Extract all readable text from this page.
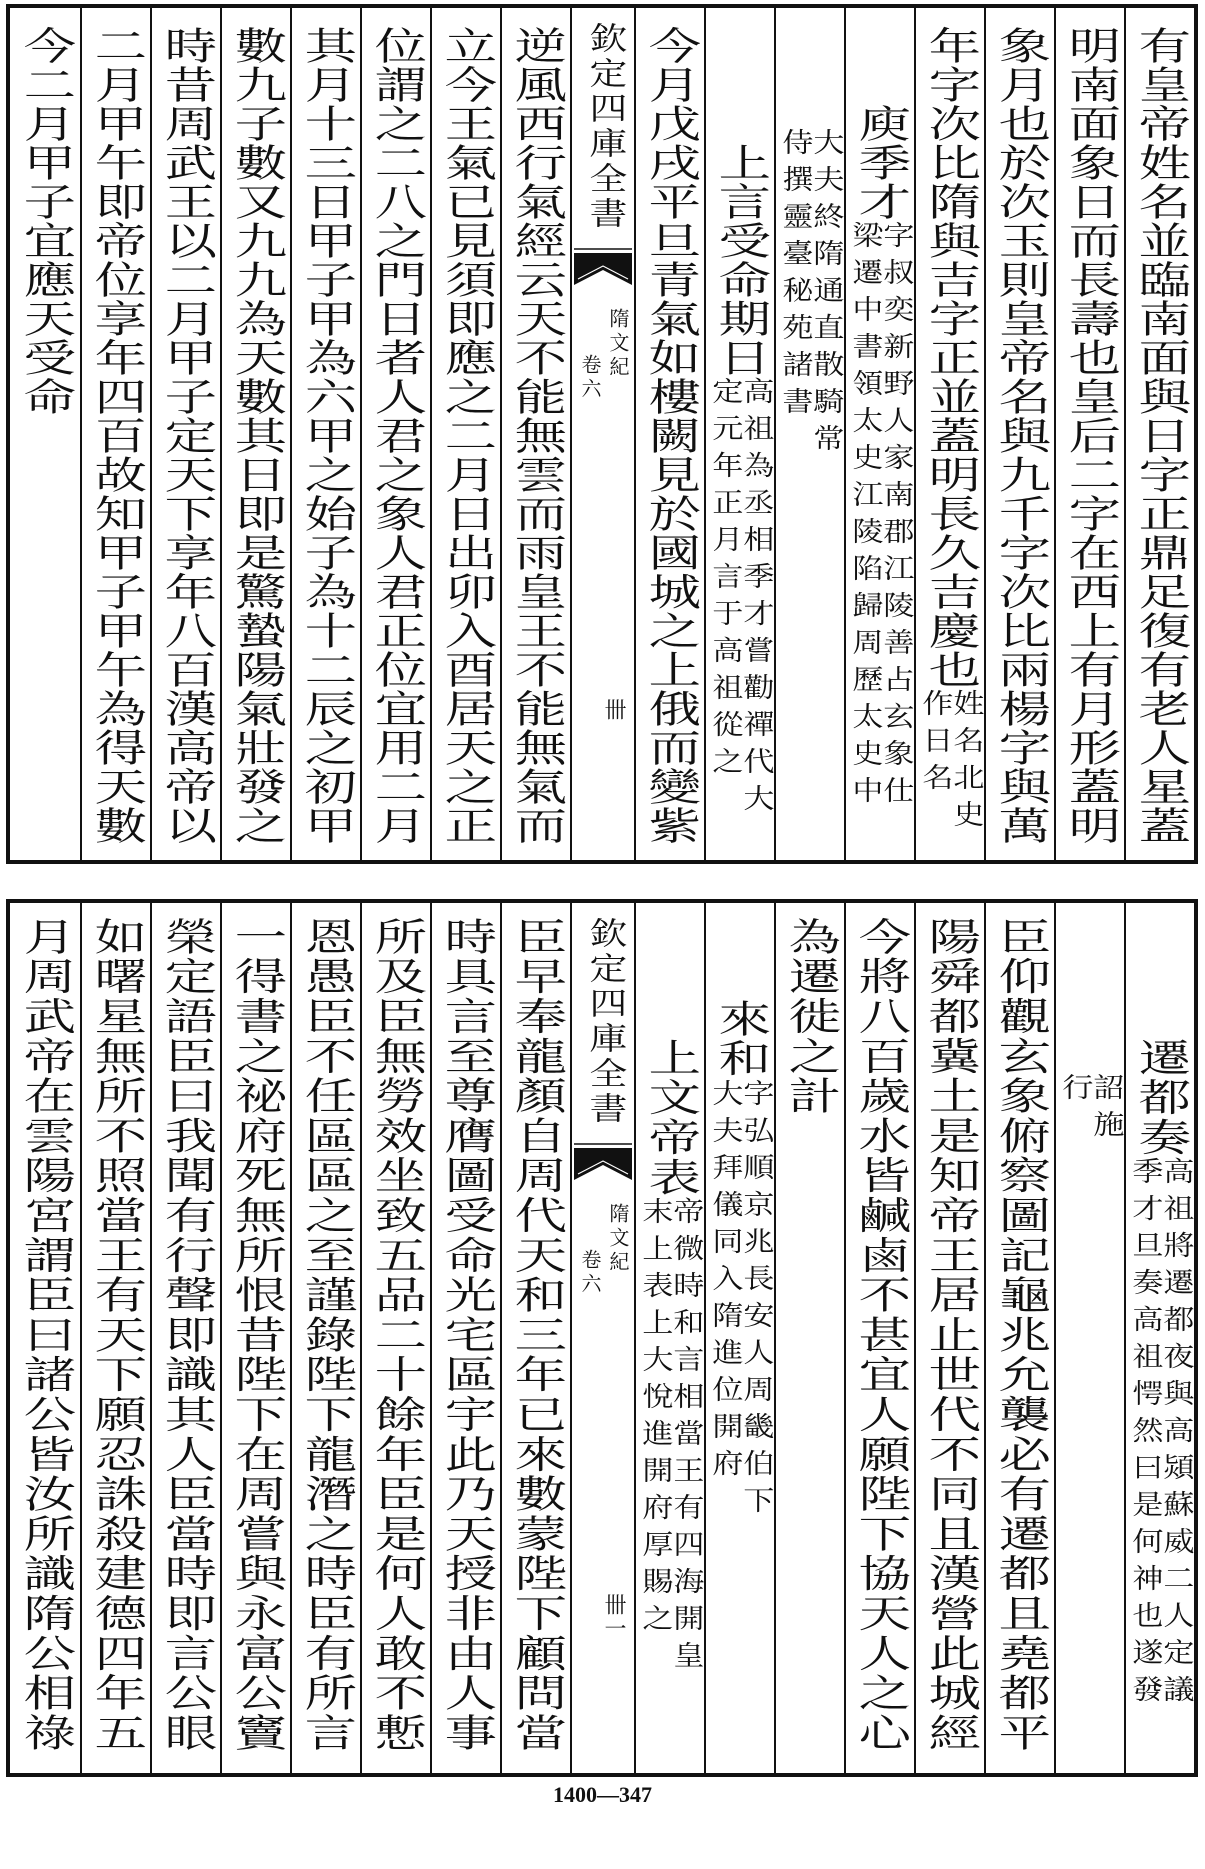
有皇帝姓名並臨南面與日字正鼎足復有老人星蓋
明南面象日而長壽也皇后二字在西上有月形蓋明
象月也於次玉則皇帝名與九千字次比兩楊字與萬
年字次比隋與吉字正並蓋明長久吉慶也
姓名北史
作日名
庾季才
字叔奕新野人家南郡江陵善占玄象仕
梁遷中書領太史江陵陷歸周歷太史中
大夫終隋通直散騎常
侍撰靈臺秘苑諸書
上言受命期日
高祖為丞相季才嘗勸禪代大
定元年正月言于高祖從之
今月戊戌平旦青氣如樓闕見於國城之上俄而變紫
欽定四庫全書
隋文紀
卷六
卌
逆風西行氣經云天不能無雲而雨皇王不能無氣而
立今王氣已見須即應之二月日出卯入酉居天之正
位謂之二八之門日者人君之象人君正位宜用二月
其月十三日甲子甲為六甲之始子為十二辰之初甲
數九子數又九九為天數其日即是驚蟄陽氣壯發之
時昔周武王以二月甲子定天下享年八百漢高帝以
二月甲午即帝位享年四百故知甲子甲午為得天數
今二月甲子宜應天受命
遷都奏
高祖將遷都夜與高熲蘇威二人定議
季才旦奏高祖愕然曰是何神也遂發
詔施
行
臣仰觀玄象俯察圖記龜兆允襲必有遷都且堯都平
陽舜都冀土是知帝王居止世代不同且漢營此城經
今將八百歲水皆鹹鹵不甚宜人願陛下協天人之心
為遷徙之計
來和
字弘順京兆長安人周畿伯下
大夫拜儀同入隋進位開府
上文帝表
帝微時和言相當王有四海開皇
末上表上大悅進開府厚賜之
欽定四庫全書
隋文紀
卷六
卌一
臣早奉龍顏自周代天和三年已來數蒙陛下顧問當
時具言至尊膺圖受命光宅區宇此乃天授非由人事
所及臣無勞效坐致五品二十餘年臣是何人敢不慙
恩愚臣不任區區之至謹錄陛下龍潛之時臣有所言
一得書之祕府死無所恨昔陛下在周嘗與永富公竇
榮定語臣曰我聞有行聲即識其人臣當時即言公眼
如曙星無所不照當王有天下願忍誅殺建德四年五
月周武帝在雲陽宮謂臣曰諸公皆汝所識隋公相祿
1400—347
